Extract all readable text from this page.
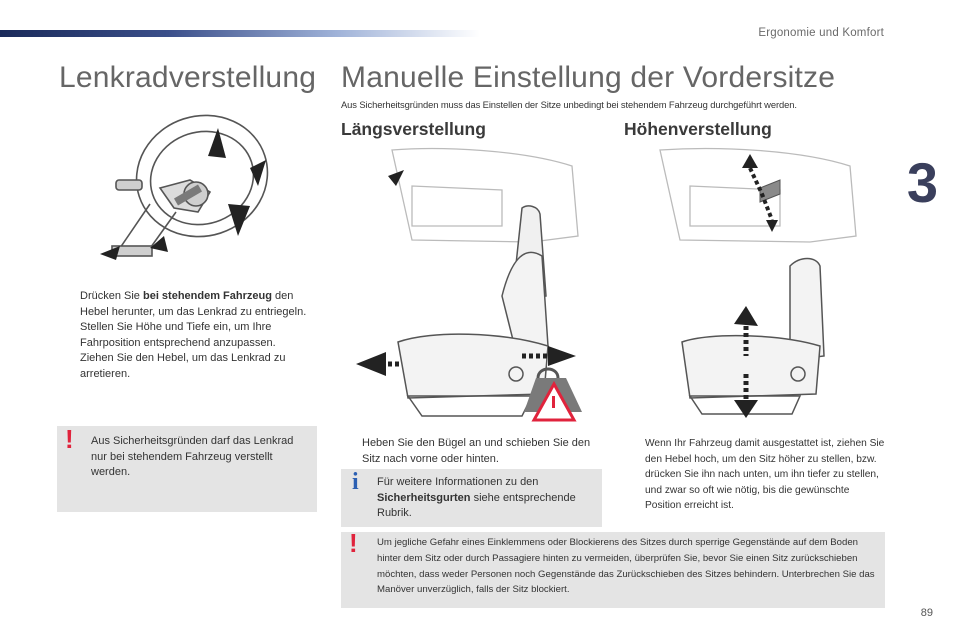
Ergonomie und Komfort
3
Lenkradverstellung
Drücken Sie bei stehendem Fahrzeug den Hebel herunter, um das Lenkrad zu entriegeln.
Stellen Sie Höhe und Tiefe ein, um Ihre Fahrposition entsprechend anzupassen.
Ziehen Sie den Hebel, um das Lenkrad zu arretieren.
! Aus Sicherheitsgründen darf das Lenkrad nur bei stehendem Fahrzeug verstellt werden.
Manuelle Einstellung der Vordersitze
Aus Sicherheitsgründen muss das Einstellen der Sitze unbedingt bei stehendem Fahrzeug durchgeführt werden.
Längsverstellung	Höhenverstellung
Heben Sie den Bügel an und schieben Sie den Sitz nach vorne oder hinten.
Wenn Ihr Fahrzeug damit ausgestattet ist, ziehen Sie den Hebel hoch, um den Sitz höher zu stellen, bzw. drücken Sie ihn nach unten, um ihn tiefer zu stellen, und zwar so oft wie nötig, bis die gewünschte Position erreicht ist.
i Für weitere Informationen zu den Sicherheitsgurten siehe entsprechende Rubrik.
! Um jegliche Gefahr eines Einklemmens oder Blockierens des Sitzes durch sperrige Gegenstände auf dem Boden hinter dem Sitz oder durch Passagiere hinten zu vermeiden, überprüfen Sie, bevor Sie einen Sitz zurückschieben möchten, dass weder Personen noch Gegenstände das Zurückschieben des Sitzes behindern. Unterbrechen Sie das Manöver unverzüglich, falls der Sitz blockiert.
89
